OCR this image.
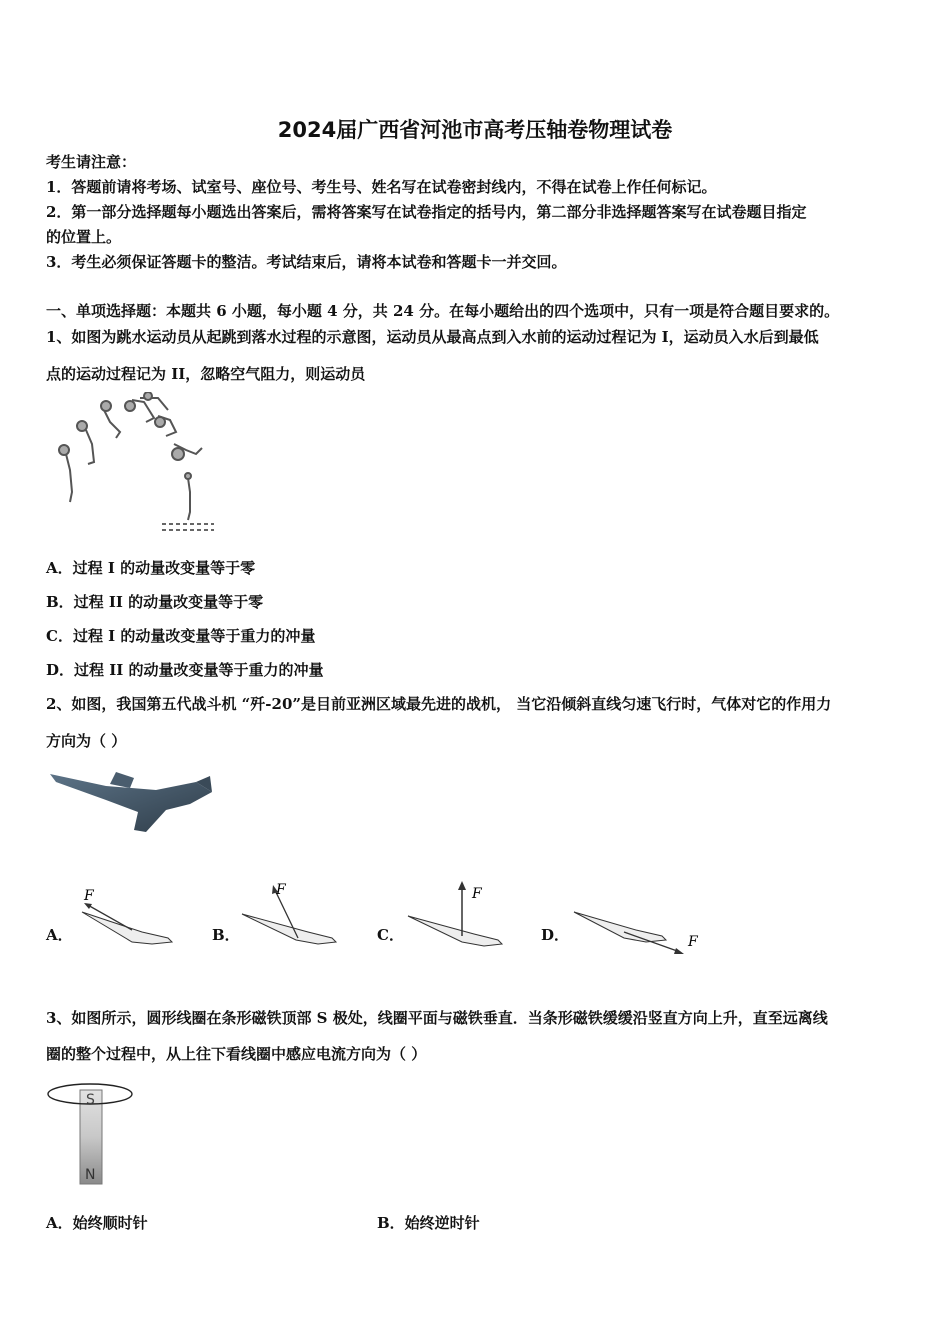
2024届广西省河池市高考压轴卷物理试卷
考生请注意：
1．答题前请将考场、试室号、座位号、考生号、姓名写在试卷密封线内，不得在试卷上作任何标记。
2．第一部分选择题每小题选出答案后，需将答案写在试卷指定的括号内，第二部分非选择题答案写在试卷题目指定
的位置上。
3．考生必须保证答题卡的整洁。考试结束后，请将本试卷和答题卡一并交回。
一、单项选择题：本题共 6 小题，每小题 4 分，共 24 分。在每小题给出的四个选项中，只有一项是符合题目要求的。
1、如图为跳水运动员从起跳到落水过程的示意图，运动员从最高点到入水前的运动过程记为 I，运动员入水后到最低
点的运动过程记为 II，忽略空气阻力，则运动员
A．过程 I 的动量改变量等于零
B．过程 II 的动量改变量等于零
C．过程 I 的动量改变量等于重力的冲量
D．过程 II 的动量改变量等于重力的冲量
2、如图，我国第五代战斗机 “歼-20”是目前亚洲区域最先进的战机， 当它沿倾斜直线匀速飞行时，气体对它的作用力
方向为（ ）
A．
F
B．
F
C．
F
D．	F
3、如图所示，圆形线圈在条形磁铁顶部 S 极处，线圈平面与磁铁垂直．当条形磁铁缓缓沿竖直方向上升，直至远离线
圈的整个过程中，从上往下看线圈中感应电流方向为（ ）
S
N
A．始终顺时针	B．始终逆时针
